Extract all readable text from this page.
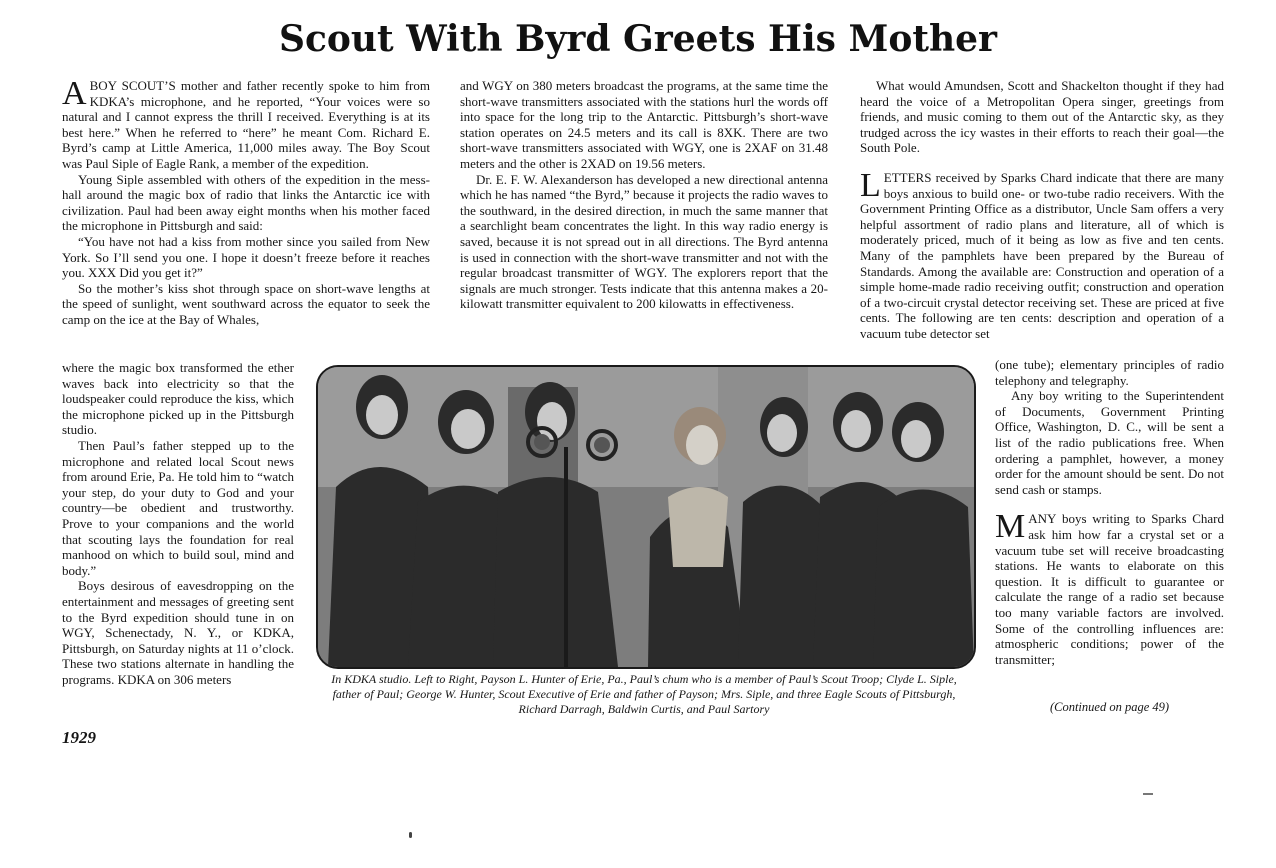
Scout With Byrd Greets His Mother

ABOY SCOUT’S mother and father recently spoke to him from KDKA’s microphone, and he reported, “Your voices were so natural and I cannot express the thrill I received. Everything is at its best here.” When he referred to “here” he meant Com. Richard E. Byrd’s camp at Little America, 11,000 miles away. The Boy Scout was Paul Siple of Eagle Rank, a member of the expedition.

Young Siple assembled with others of the expedition in the mess-hall around the magic box of radio that links the Antarctic ice with civilization. Paul had been away eight months when his mother faced the microphone in Pittsburgh and said:

“You have not had a kiss from mother since you sailed from New York. So I’ll send you one. I hope it doesn’t freeze before it reaches you. XXX Did you get it?”

So the mother’s kiss shot through space on short-wave lengths at the speed of sunlight, went southward across the equator to seek the camp on the ice at the Bay of Whales,

where the magic box transformed the ether waves back into electricity so that the loudspeaker could reproduce the kiss, which the microphone picked up in the Pittsburgh studio.

Then Paul’s father stepped up to the microphone and related local Scout news from around Erie, Pa. He told him to “watch your step, do your duty to God and your country—be obedient and trustworthy. Prove to your companions and the world that scouting lays the foundation for real manhood on which to build soul, mind and body.”

Boys desirous of eavesdropping on the entertainment and messages of greeting sent to the Byrd expedition should tune in on WGY, Schenectady, N. Y., or KDKA, Pittsburgh, on Saturday nights at 11 o’clock. These two stations alternate in handling the programs. KDKA on 306 meters

and WGY on 380 meters broadcast the programs, at the same time the short-wave transmitters associated with the stations hurl the words off into space for the long trip to the Antarctic. Pittsburgh’s short-wave station operates on 24.5 meters and its call is 8XK. There are two short-wave transmitters associated with WGY, one is 2XAF on 31.48 meters and the other is 2XAD on 19.56 meters.

Dr. E. F. W. Alexanderson has developed a new directional antenna which he has named “the Byrd,” because it projects the radio waves to the southward, in the desired direction, in much the same manner that a searchlight beam concentrates the light. In this way radio energy is saved, because it is not spread out in all directions. The Byrd antenna is used in connection with the short-wave transmitter and not with the regular broadcast transmitter of WGY. The explorers report that the signals are much stronger. Tests indicate that this antenna makes a 20-kilowatt transmitter equivalent to 200 kilowatts in effectiveness.

What would Amundsen, Scott and Shackelton thought if they had heard the voice of a Metropolitan Opera singer, greetings from friends, and music coming to them out of the Antarctic sky, as they trudged across the icy wastes in their efforts to reach their goal—the South Pole.

LETTERS received by Sparks Chard indicate that there are many boys anxious to build one- or two-tube radio receivers. With the Government Printing Office as a distributor, Uncle Sam offers a very helpful assortment of radio plans and literature, all of which is moderately priced, much of it being as low as five and ten cents. Many of the pamphlets have been prepared by the Bureau of Standards. Among the available are: Construction and operation of a simple home-made radio receiving outfit; construction and operation of a two-circuit crystal detector receiving set. These are priced at five cents. The following are ten cents: description and operation of a vacuum tube detector set

(one tube); elementary principles of radio telephony and telegraphy.

Any boy writing to the Superintendent of Documents, Government Printing Office, Washington, D. C., will be sent a list of the radio publications free. When ordering a pamphlet, however, a money order for the amount should be sent. Do not send cash or stamps.

MANY boys writing to Sparks Chard ask him how far a crystal set or a vacuum tube set will receive broadcasting stations. He wants to elaborate on this question. It is difficult to guarantee or calculate the range of a radio set because too many variable factors are involved. Some of the controlling influences are: atmospheric conditions; power of the transmitter;

(Continued on page 49)
In KDKA studio. Left to Right, Payson L. Hunter of Erie, Pa., Paul’s chum who is a member of Paul’s Scout Troop; Clyde L. Siple, father of Paul; George W. Hunter, Scout Executive of Erie and father of Payson; Mrs. Siple, and three Eagle Scouts of Pittsburgh, Richard Darragh, Baldwin Curtis, and Paul Sartory
1929
